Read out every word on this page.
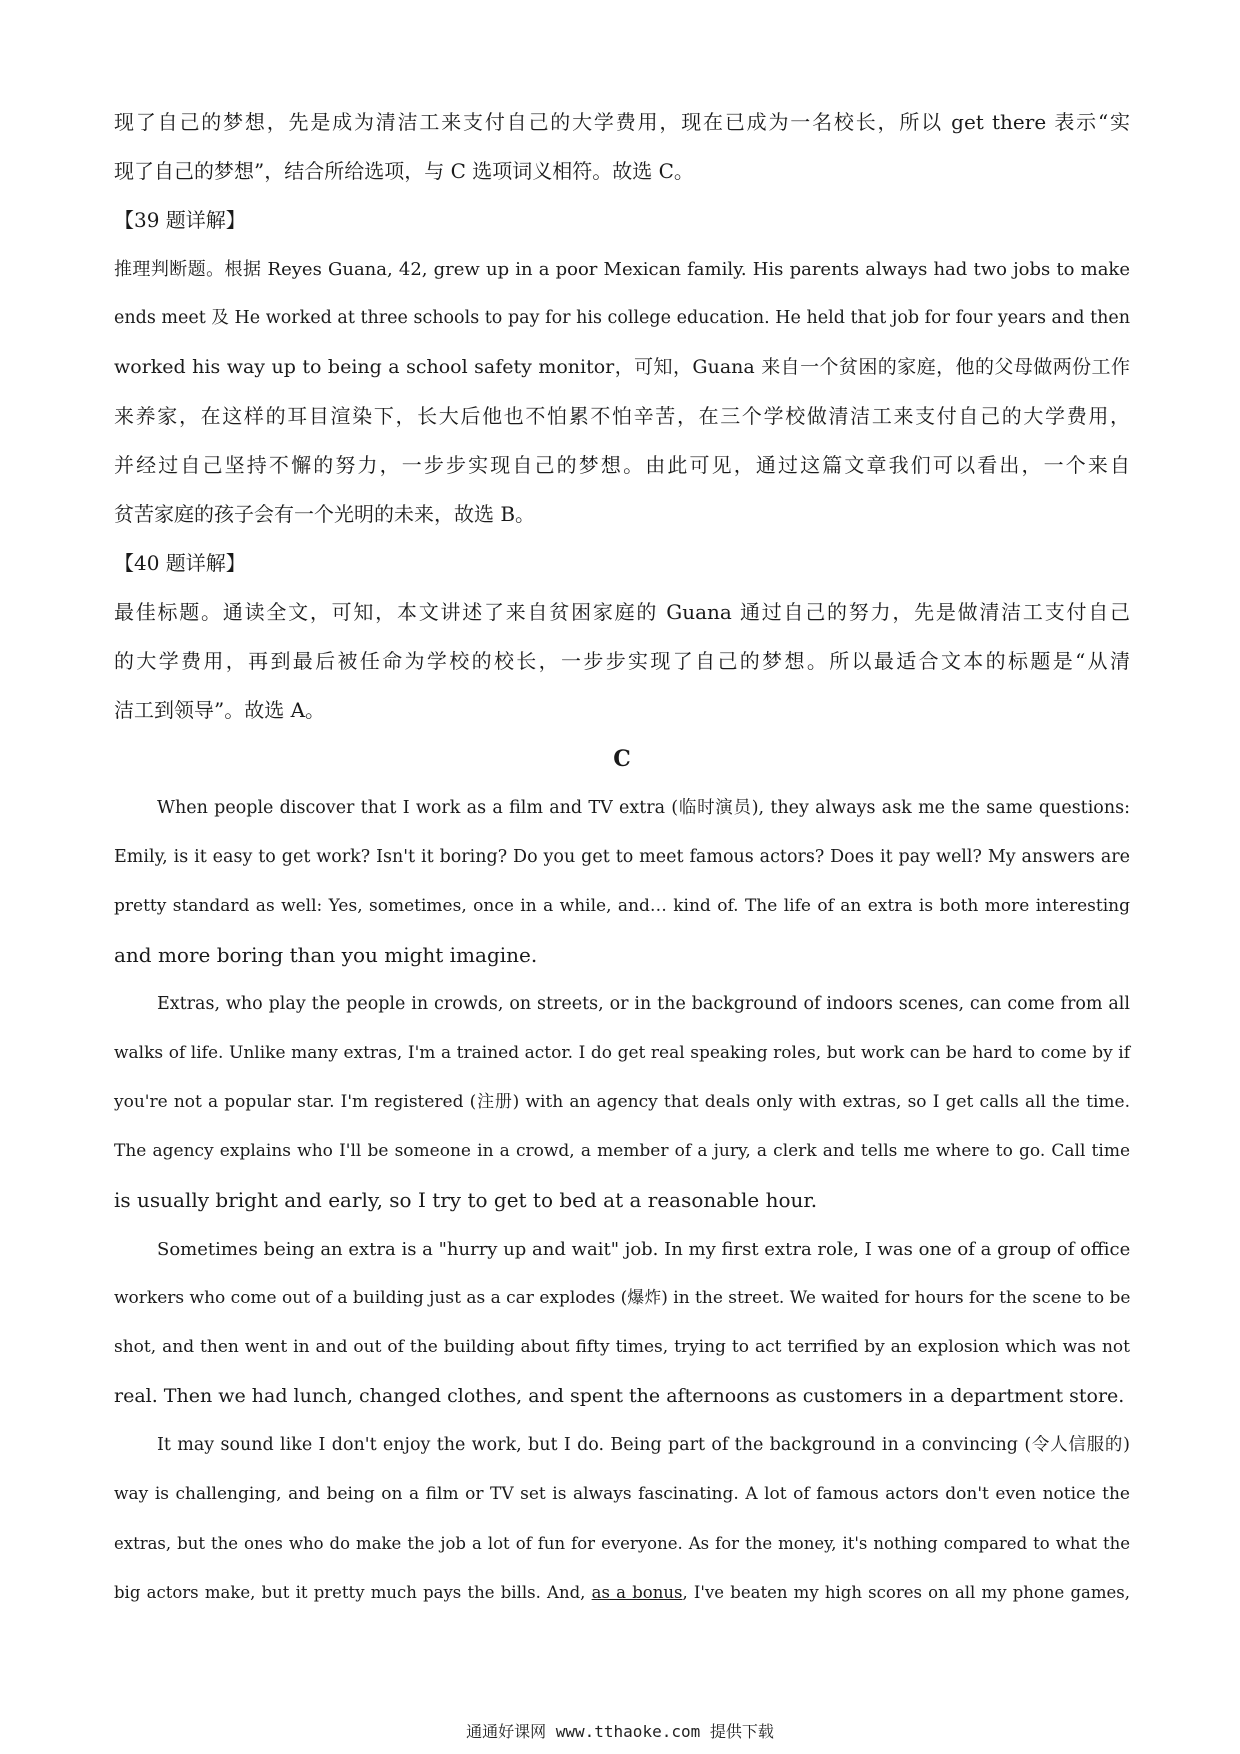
现了自己的梦想，先是成为清洁工来支付自己的大学费用，现在已成为一名校长，所以 get there 表示“实
现了自己的梦想”，结合所给选项，与 C 选项词义相符。故选 C。
【39 题详解】
推理判断题。根据 Reyes Guana, 42, grew up in a poor Mexican family. His parents always had two jobs to make
ends meet 及 He worked at three schools to pay for his college education. He held that job for four years and then
worked his way up to being a school safety monitor，可知，Guana 来自一个贫困的家庭，他的父母做两份工作
来养家，在这样的耳目渲染下，长大后他也不怕累不怕辛苦，在三个学校做清洁工来支付自己的大学费用，
并经过自己坚持不懈的努力，一步步实现自己的梦想。由此可见，通过这篇文章我们可以看出，一个来自
贫苦家庭的孩子会有一个光明的未来，故选 B。
【40 题详解】
最佳标题。通读全文，可知，本文讲述了来自贫困家庭的 Guana 通过自己的努力，先是做清洁工支付自己
的大学费用，再到最后被任命为学校的校长，一步步实现了自己的梦想。所以最适合文本的标题是“从清
洁工到领导”。故选 A。
C
When people discover that I work as a film and TV extra (临时演员), they always ask me the same questions:
Emily, is it easy to get work? Isn't it boring? Do you get to meet famous actors? Does it pay well? My answers are
pretty standard as well: Yes, sometimes, once in a while, and… kind of. The life of an extra is both more interesting
and more boring than you might imagine.
Extras, who play the people in crowds, on streets, or in the background of indoors scenes, can come from all
walks of life. Unlike many extras, I'm a trained actor. I do get real speaking roles, but work can be hard to come by if
you're not a popular star. I'm registered (注册) with an agency that deals only with extras, so I get calls all the time.
The agency explains who I'll be someone in a crowd, a member of a jury, a clerk and tells me where to go. Call time
is usually bright and early, so I try to get to bed at a reasonable hour.
Sometimes being an extra is a "hurry up and wait" job. In my first extra role, I was one of a group of office
workers who come out of a building just as a car explodes (爆炸) in the street. We waited for hours for the scene to be
shot, and then went in and out of the building about fifty times, trying to act terrified by an explosion which was not
real. Then we had lunch, changed clothes, and spent the afternoons as customers in a department store.
It may sound like I don't enjoy the work, but I do. Being part of the background in a convincing (令人信服的)
way is challenging, and being on a film or TV set is always fascinating. A lot of famous actors don't even notice the
extras, but the ones who do make the job a lot of fun for everyone. As for the money, it's nothing compared to what the
big actors make, but it pretty much pays the bills. And, as a bonus, I've beaten my high scores on all my phone games,
通通好课网 www.tthaoke.com 提供下载
